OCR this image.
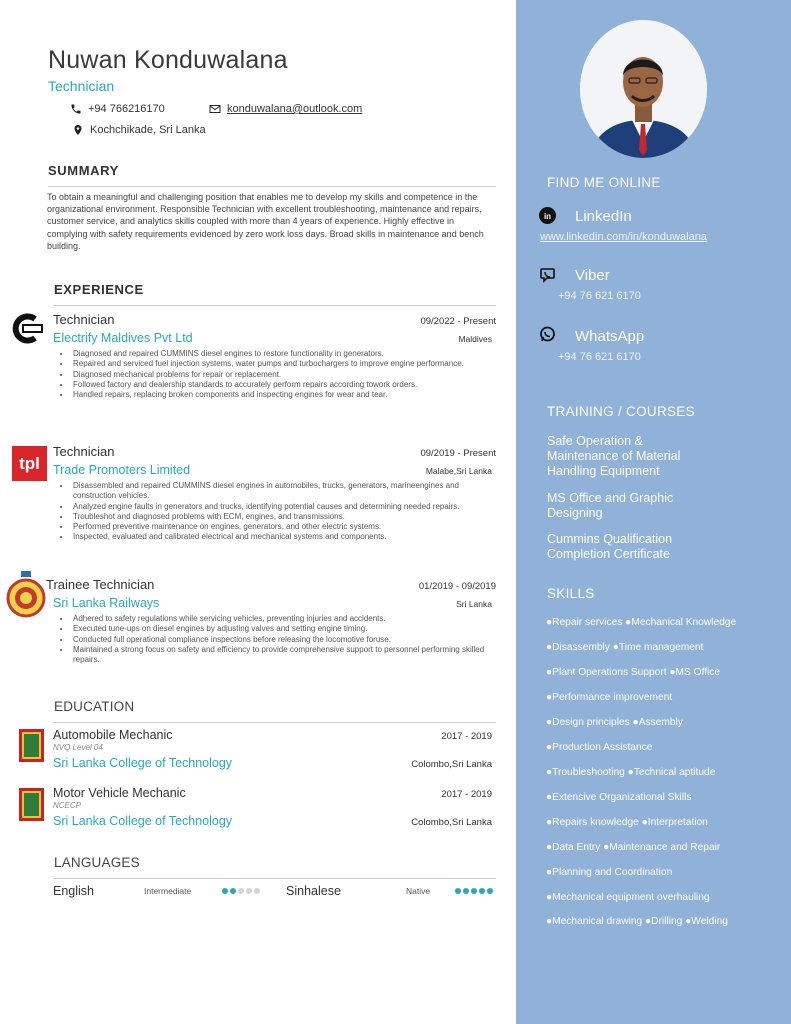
Nuwan Konduwalana
Technician
+94 766216170	konduwalana@outlook.com
Kochchikade, Sri Lanka
SUMMARY
To obtain a meaningful and challenging position that enables me to develop my skills and competence in the organizational environment. Responsible Technician with excellent troubleshooting, maintenance and repairs, customer service, and analytics skills coupled with more than 4 years of experience. Highly effective in complying with safety requirements evidenced by zero work loss days. Broad skills in maintenance and bench building.
EXPERIENCE
Technician	09/2022 - Present
Electrify Maldives Pvt Ltd	Maldives
• Diagnosed and repaired CUMMINS diesel engines to restore functionality in generators.
• Repaired and serviced fuel injection systems, water pumps and turbochargers to improve engine performance.
• Diagnosed mechanical problems for repair or replacement.
• Followed factory and dealership standards to accurately perform repairs according towork orders.
• Handled repairs, replacing broken components and inspecting engines for wear and tear.
tpl
Technician	09/2019 - Present
Trade Promoters Limited	Malabe,Sri Lanka
• Disassembled and repaired CUMMINS diesel engines in automobiles, trucks, generators, marineengines and construction vehicles.
• Analyzed engine faults in generators and trucks, identifying potential causes and determining needed repairs.
• Troubleshot and diagnosed problems with ECM, engines, and transmissions.
• Performed preventive maintenance on engines, generators, and other electric systems.
• Inspected, evaluated and calibrated electrical and mechanical systems and components.
Trainee Technician	01/2019 - 09/2019
Sri Lanka Railways	Sri Lanka
• Adhered to safety regulations while servicing vehicles, preventing injuries and accidents.
• Executed tune-ups on diesel engines by adjusting valves and setting engine timing.
• Conducted full operational compliance inspections before releasing the locomotive foruse.
• Maintained a strong focus on safety and efficiency to provide comprehensive support to personnel performing skilled repairs.
EDUCATION
Automobile Mechanic	2017 - 2019
NVQ Level 04
Sri Lanka College of Technology	Colombo,Sri Lanka
Motor Vehicle Mechanic	2017 - 2019
NCECP
Sri Lanka College of Technology	Colombo,Sri Lanka
LANGUAGES
English	Intermediate	Sinhalese	Native
FIND ME ONLINE
in LinkedIn
www.linkedin.com/in/konduwalana
Viber
+94 76 621 6170
WhatsApp
+94 76 621 6170
TRAINING / COURSES
Safe Operation & Maintenance of Material Handling Equipment
MS Office and Graphic Designing
Cummins Qualification Completion Certificate
SKILLS
●Repair services ●Mechanical Knowledge
●Disassembly ●Time management
●Plant Operations Support ●MS Office
●Performance improvement
●Design principles ●Assembly
●Production Assistance
●Troubleshooting ●Technical aptitude
●Extensive Organizational Skills
●Repairs knowledge ●Interpretation
●Data Entry ●Maintenance and Repair
●Planning and Coordination
●Mechanical equipment overhauling
●Mechanical drawing ●Drilling ●Welding
